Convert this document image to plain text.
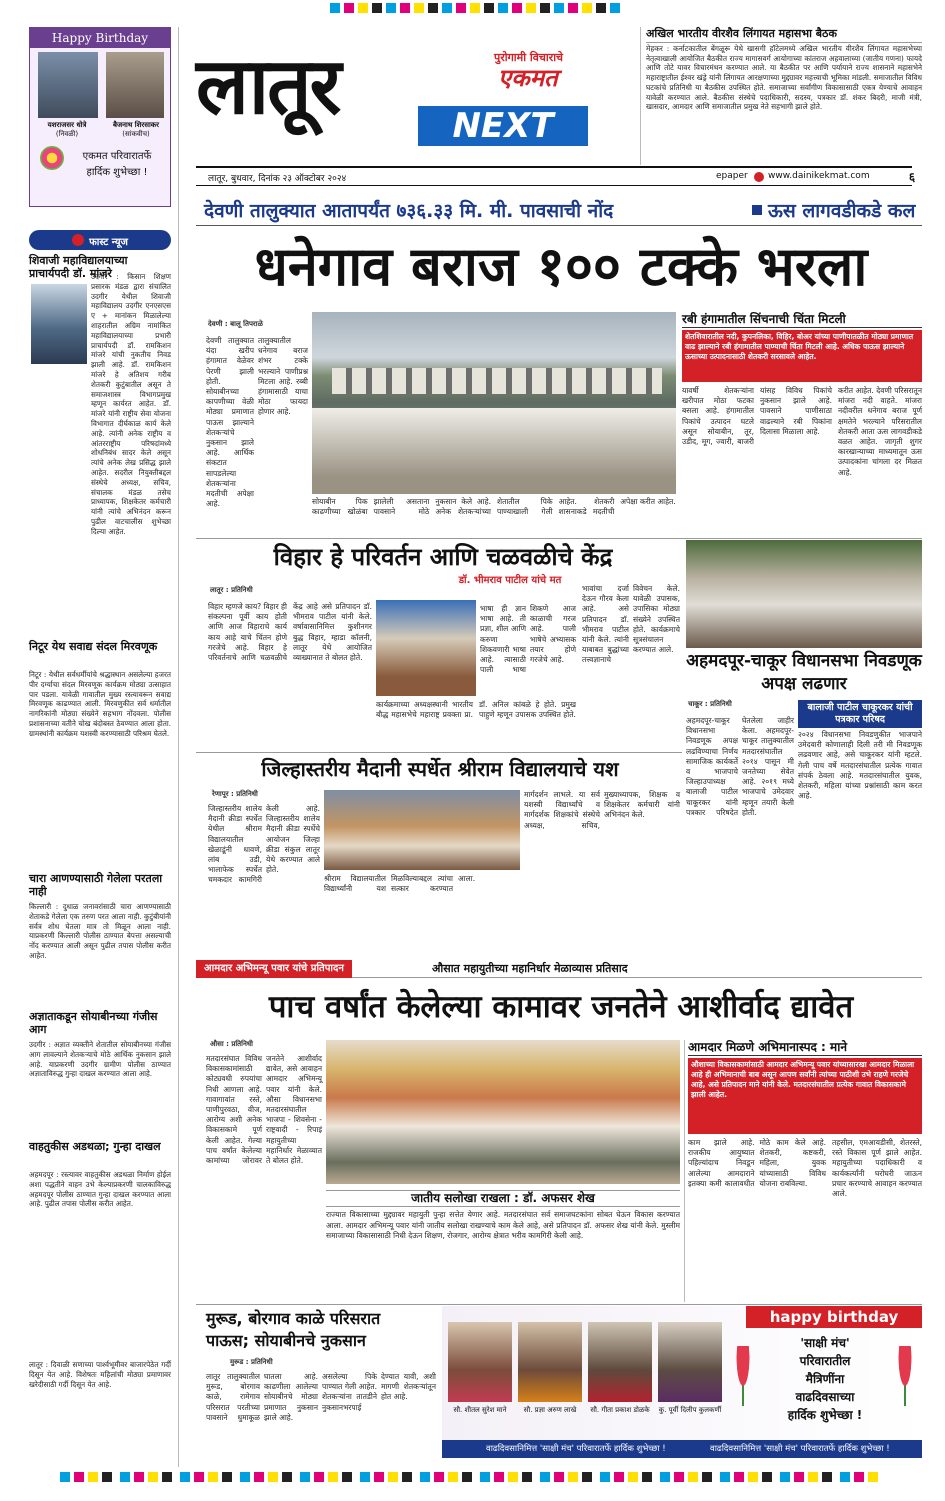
Happy Birthday
यशराजसर धोत्रे
(निवळी)
बैजनाथ शिरसाकर
(सांकवीच)
एकमत परिवारातर्फे
हार्दिक शुभेच्छा !
फास्ट न्यूज
शिवाजी महाविद्यालयाच्या प्राचार्यपदी डॉ. मांजरे
उदगीर : किसान शिक्षण प्रसारक मंडळ द्वारा संचालित उदगीर येथील शिवाजी महाविद्यालय उदगीर एनएसएस ए + मानांकन मिळालेल्या शाहरातील अग्रिम नामांकित महाविद्यालयाच्या प्रभारी प्राचार्यपदी डॉ. रामकिशन मांजरे यांची नुकतीच निवड झाली आहे. डॉ. रामकिशन मांजरे हे अतिशय गरीब शेतकरी कुटुंबातील असून ते समाजशास्त्र विभागप्रमुख म्हणून कार्यरत आहेत. डॉ. मांजरे यांनी राष्ट्रीय सेवा योजना विभागात दीर्घकाळ कार्य केले आहे. त्यांनी अनेक राष्ट्रीय व आंतरराष्ट्रीय परिषदांमध्ये शोधनिबंध सादर केले असून त्यांचे अनेक लेख प्रसिद्ध झाले आहेत. सदरील नियुक्तीबद्दल संस्थेचे अध्यक्ष, सचिव, संचालक मंडळ तसेच प्राध्यापक, शिक्षकेतर कर्मचारी यांनी त्यांचे अभिनंदन करून पुढील वाटचालीस शुभेच्छा दिल्या आहेत.
निटूर येथ सवाद्य संदल मिरवणूक
निटूर : येथील सर्वधर्मीयांचे श्रद्धास्थान असलेल्या हजरत पीर दर्ग्याचा संदल मिरवणूक कार्यक्रम मोठ्या उत्साहात पार पडला. यावेळी गावातील मुख्य रस्त्यावरून सवाद्य मिरवणूक काढण्यात आली. मिरवणुकीत सर्व धर्मातील नागरिकांनी मोठ्या संख्येने सहभाग नोंदवला. पोलीस प्रशासनाच्या वतीने चोख बंदोबस्त ठेवण्यात आला होता. ग्रामस्थांनी कार्यक्रम यशस्वी करण्यासाठी परिश्रम घेतले.
चारा आणण्यासाठी गेलेला परतला नाही
किल्लारी : दुधाळ जनावरांसाठी चारा आणण्यासाठी शेताकडे गेलेला एक तरुण परत आला नाही. कुटुंबीयांनी सर्वत्र शोध घेतला मात्र तो मिळून आला नाही. याप्रकरणी किल्लारी पोलीस ठाण्यात बेपत्ता असल्याची नोंद करण्यात आली असून पुढील तपास पोलीस करीत आहेत.
अज्ञाताकडून सोयाबीनच्या गंजीस आग
उदगीर : अज्ञात व्यक्तीने शेतातील सोयाबीनच्या गंजीस आग लावल्याने शेतकऱ्याचे मोठे आर्थिक नुकसान झाले आहे. याप्रकरणी उदगीर ग्रामीण पोलीस ठाण्यात अज्ञाताविरुद्ध गुन्हा दाखल करण्यात आला आहे.
वाहतुकीस अडथळा; गुन्हा दाखल
अहमदपूर : रस्त्यावर वाहतुकीस अडथळा निर्माण होईल अशा पद्धतीने वाहन उभे केल्याप्रकरणी चालकाविरुद्ध अहमदपूर पोलीस ठाण्यात गुन्हा दाखल करण्यात आला आहे. पुढील तपास पोलीस करीत आहेत.
लातूर : दिवाळी सणाच्या पार्श्वभूमीवर बाजारपेठेत गर्दी दिसून येत आहे. विशेषतः महिलांची मोठ्या प्रमाणावर खरेदीसाठी गर्दी दिसून येत आहे.
लातूर	NEXT
पुरोगामी विचाराचे
एकमत
लातूर, बुधवार, दिनांक २३ ऑक्टोबर २०२४	epaper www.dainikekmat.com	६
अखिल भारतीय वीरशैव लिंगायत महासभा बैठक
मेहकर : कर्नाटकातील बेंगळूरू येथे खासगी हॉटेलमध्ये अखिल भारतीय वीरशैव लिंगायत महासभेच्या नेतृत्वाखाली आयोजित बैठकीत राज्य मागासवर्ग आयोगाच्या कांतराज अहवालाच्या (जातीय गणना) फायदे आणि तोटे यावर विचारमंथन करण्यात आले. या बैठकीत पर आणि पर्यायाने राज्य शासनाने महासभेने महाराष्ट्रातील ईश्वर खंड्रे यांनी लिंगायत आरक्षणाच्या मुद्द्यावर महत्त्वाची भूमिका मांडली. समाजातील विविध घटकांचे प्रतिनिधी या बैठकीस उपस्थित होते. समाजाच्या सर्वांगीण विकासासाठी एकत्र येण्याचे आवाहन यावेळी करण्यात आले. बैठकीस संस्थेचे पदाधिकारी, सदस्य, पत्रकार डॉ. शंकर बिदरी, माजी मंत्री, खासदार, आमदार आणि समाजातील प्रमुख नेते सहभागी झाले होते.
देवणी तालुक्यात आतापर्यंत ७३६.३३ मि. मी. पावसाची नोंद	ऊस लागवडीकडे कल
धनेगाव बराज १०० टक्के भरला
देवणी : बालू तिपराळे
देवणी तालुक्यात यंदा खरीप हंगामात वेळेवर पेरणी झाली होती. सोयाबीनच्या कापणीच्या वेळी मोठ्या प्रमाणात पाऊस झाल्याने शेतकऱ्यांचे नुकसान झाले आहे. आर्थिक संकटात सापडलेल्या शेतकऱ्यांना मदतीची अपेक्षा आहे.
तालुक्यातील धनेगाव बराज शंभर टक्के भरल्याने पाणीप्रश्न मिटला आहे. रब्बी हंगामासाठी याचा मोठा फायदा होणार आहे.
सोयाबीन पिक काढणीच्या खोळंबा झालेली असताना पावसाने मोठे नुकसान केले आहे. अनेक शेतकऱ्यांच्या शेतातील पिके पाण्याखाली गेली आहेत. शेतकरी शासनाकडे मदतीची अपेक्षा करीत आहेत.
रबी हंगामातील सिंचनाची चिंता मिटली
शेतशिवारातील नदी, कुपनलिका, विहिर, बोअर यांच्या पाणीपातळीत मोठ्या प्रमाणात वाढ झाल्याने रबी हंगामातील पाण्याची चिंता मिटली आहे. अधिक पाऊस झाल्याने ऊसाच्या उत्पादनासाठी शेतकरी सरसावले आहेत.
यावर्षी शेतकऱ्यांना खरीपात मोठा फटका बसला आहे. हंगामातील पिकांचे उत्पादन घटले असून सोयाबीन, तूर, उडीद, मूग, ज्वारी, बाजरी यांसह विविध पिकांचे नुकसान झाले आहे. पावसाने पाणीसाठा वाढल्याने रबी पिकांना दिलासा मिळाला आहे.
करीत आहेत. देवणी परिसरातून मांजरा नदी वाहते. मांजरा नदीवरील धनेगाव बराज पूर्ण क्षमतेने भरल्याने परिसरातील शेतकरी आता ऊस लागवडीकडे वळत आहेत. जागृती शुगर कारखान्याच्या माध्यमातून ऊस उत्पादकांना चांगला दर मिळत आहे.
विहार हे परिवर्तन आणि चळवळीचे केंद्र
लातूर : प्रतिनिधी
विहार म्हणजे काय? विहार ही संकल्पना पूर्वी काय होती आणि आज विहाराचे कार्य काय आहे याचे चिंतन होणे गरजेचे आहे. विहार हे परिवर्तनाचे आणि चळवळीचे केंद्र आहे असे प्रतिपादन डॉ. भीमराव पाटील यांनी केले. वर्षावासानिमित्त कुशीनगर बुद्ध विहार, म्हाडा कॉलनी, लातूर येथे आयोजित व्याख्यानात ते बोलत होते.
डॉ. भीमराव पाटील यांचे मत
भाषा ही ज्ञान भाषा आहे. ती प्रज्ञा, शील आणि करुणा शिकवणारी भाषा आहे. त्यासाठी पाली भाषा शिकणे आज काळाची गरज आहे. पाली भाषेचे अभ्यासक तयार होणे गरजेचे आहे.
कार्यक्रमाच्या अध्यक्षस्थानी भारतीय बौद्ध महासभेचे महाराष्ट्र प्रवक्ता प्रा. डॉ. अनिल कांबळे हे होते. प्रमुख पाहुणे म्हणून उपासक उपस्थित होते.
भावांचा दर्जा देऊन गौरव केला आहे. असे प्रतिपादन डॉ. भीमराव पाटील यांनी केले. त्यांनी याबाबत बुद्धांच्या तत्त्वज्ञानाचे विवेचन केले. यावेळी उपासक, उपासिका मोठ्या संख्येने उपस्थित होते. कार्यक्रमाचे सूत्रसंचालन करण्यात आले.
अहमदपूर-चाकूर विधानसभा निवडणूक अपक्ष लढणार
चाकूर : प्रतिनिधी	बालाजी पाटील चाकूरकर यांची पत्रकार परिषद
अहमदपूर-चाकूर विधानसभा निवडणूक अपक्ष लढविण्याचा निर्णय सामाजिक कार्यकर्ते व भाजपाचे जिल्हाउपाध्यक्ष बालाजी पाटील चाकूरकर यांनी पत्रकार परिषदेत घेतलेला जाहीर केला. अहमदपूर-चाकूर तालुक्यातील मतदारसंघातील २०१४ पासून मी जनतेच्या सेवेत आहे. २०१९ मध्ये भाजपाचे उमेदवार म्हणून तयारी केली होती.
२०२४ विधानसभा निवडणुकीत भाजपाने उमेदवारी कोणालाही दिली तरी मी निवडणूक लढवणार आहे, असे चाकूरकर यांनी म्हटले. गेली पाच वर्षे मतदारसंघातील प्रत्येक गावात संपर्क ठेवला आहे. मतदारसंघातील युवक, शेतकरी, महिला यांच्या प्रश्नांसाठी काम करत आहे.
जिल्हास्तरीय मैदानी स्पर्धेत श्रीराम विद्यालयाचे यश
रेणापूर : प्रतिनिधी
जिल्हास्तरीय शालेय मैदानी क्रीडा स्पर्धेत येथील श्रीराम विद्यालयातील खेळाडूंनी धावणे, लांब उडी, भालाफेक स्पर्धेत चमकदार कामगिरी केली आहे. जिल्हास्तरीय शालेय मैदानी क्रीडा स्पर्धेचे आयोजन जिल्हा क्रीडा संकुल लातूर येथे करण्यात आले होते.
श्रीराम विद्यालयातील विद्यार्थ्यांनी यश मिळविल्याबद्दल त्यांचा सत्कार करण्यात आला.
मार्गदर्शन लाभले. या सर्व यशस्वी विद्यार्थ्यांचे व मार्गदर्शक शिक्षकांचे संस्थेचे अध्यक्ष, सचिव, मुख्याध्यापक, शिक्षक व शिक्षकेतर कर्मचारी यांनी अभिनंदन केले.
आमदार अभिमन्यू पवार यांचे प्रतिपादन	औसात महायुतीच्या महानिर्धार मेळाव्यास प्रतिसाद
पाच वर्षांत केलेल्या कामावर जनतेने आशीर्वाद द्यावेत
औसा : प्रतिनिधी
मतदारसंघात विविध विकासकामांसाठी कोट्यवधी रुपयांचा निधी आणला आहे. गावागावांत रस्ते, पाणीपुरवठा, वीज, आरोग्य अशी अनेक विकासकामे पूर्ण केली आहेत. गेल्या पाच वर्षांत केलेल्या कामांच्या जोरावर जनतेने आशीर्वाद द्यावेत, असे आवाहन आमदार अभिमन्यू पवार यांनी केले. औसा विधानसभा मतदारसंघातील भाजपा - शिवसेना - राष्ट्रवादी - रिपाइं महायुतीच्या महानिर्धार मेळाव्यात ते बोलत होते.
जातीय सलोखा राखला : डॉ. अफसर शेख
राज्यात विकासाच्या मुद्द्यावर महायुती पुन्हा सत्तेत येणार आहे. मतदारसंघात सर्व समाजघटकांना सोबत घेऊन विकास करण्यात आला. आमदार अभिमन्यू पवार यांनी जातीय सलोखा राखण्याचे काम केले आहे, असे प्रतिपादन डॉ. अफसर शेख यांनी केले. मुस्लीम समाजाच्या विकासासाठी निधी देऊन शिक्षण, रोजगार, आरोग्य क्षेत्रात भरीव कामगिरी केली आहे.
आमदार मिळणे अभिमानास्पद : माने
औशाच्या विकासकामांसाठी आमदार अभिमन्यू पवार यांच्यासारखा आमदार मिळाला आहे ही अभिमानाची बाब असून आपण सर्वांनी त्यांच्या पाठीशी उभे राहणे गरजेचे आहे, असे प्रतिपादन माने यांनी केले. मतदारसंघातील प्रत्येक गावात विकासकामे झाली आहेत.
काम झाले आहे. राजकीय आयुष्यात पहिल्यांदाच निवडून आलेल्या आमदाराने इतक्या कमी कालावधीत मोठे काम केले आहे. शेतकरी, कष्टकरी, महिला, युवक यांच्यासाठी विविध योजना राबविल्या.
तहसील, एमआयडीसी, शेतरस्ते, रस्ते विकास पूर्ण झाले आहेत. महायुतीच्या पदाधिकारी व कार्यकर्त्यांनी घरोघरी जाऊन प्रचार करण्याचे आवाहन करण्यात आले.
मुरूड, बोरगाव काळे परिसरात
पाऊस; सोयाबीनचे नुकसान
मुरूड : प्रतिनिधी
लातूर तालुक्यातील मुरूड, बोरगाव काळे, रामेगाव परिसरात परतीच्या पावसाने धुमाकूळ घातला आहे. काढणीला आलेल्या सोयाबीनचे मोठ्या प्रमाणात नुकसान झाले आहे.
असलेल्या पिके पाण्यात गेली आहेत. शेतकऱ्यांना तातडीने नुकसानभरपाई देण्यात यावी, अशी मागणी शेतकऱ्यांतून होत आहे.
happy birthday
सौ. शीतल सुरेश माने	सौ. प्रज्ञा अरुण लाखे	सौ. गीता प्रकाश डोळके	कु. पूर्वी दिलीप कुलकर्णी
'साक्षी मंच'
परिवारातील
मैत्रिणींना
वाढदिवसाच्या
हार्दिक शुभेच्छा !
वाढदिवसानिमित्त 'साक्षी मंच' परिवारातर्फे हार्दिक शुभेच्छा !	वाढदिवसानिमित्त 'साक्षी मंच' परिवारातर्फे हार्दिक शुभेच्छा !
